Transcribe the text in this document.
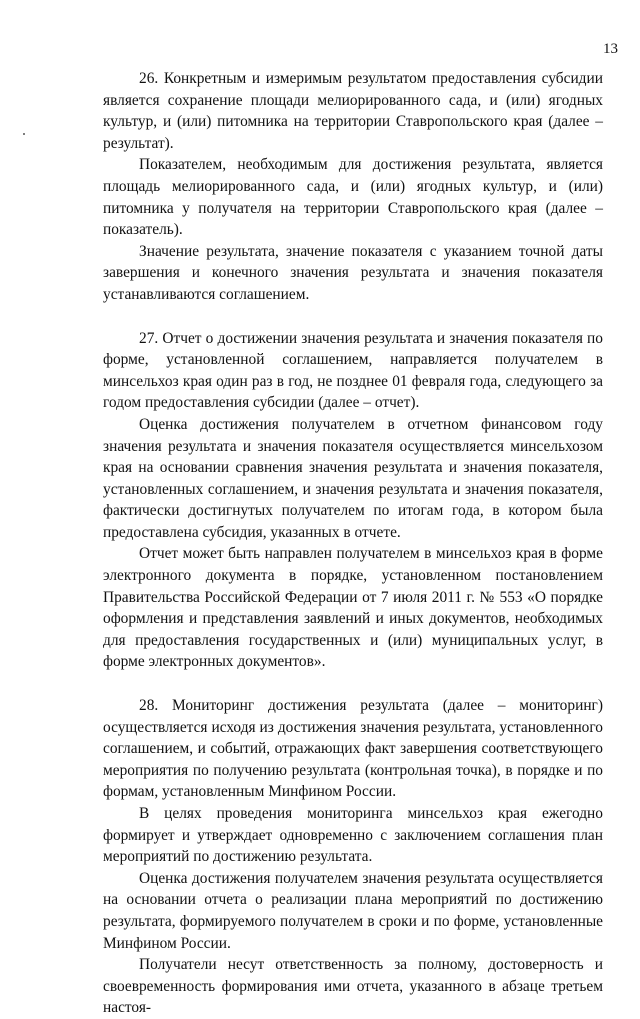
13

26. Конкретным и измеримым результатом предоставления субсидии является сохранение площади мелиорированного сада, и (или) ягодных культур, и (или) питомника на территории Ставропольского края (далее – результат).

Показателем, необходимым для достижения результата, является площадь мелиорированного сада, и (или) ягодных культур, и (или) питомника у получателя на территории Ставропольского края (далее – показатель).

Значение результата, значение показателя с указанием точной даты завершения и конечного значения результата и значения показателя устанавливаются соглашением.

27. Отчет о достижении значения результата и значения показателя по форме, установленной соглашением, направляется получателем в минсельхоз края один раз в год, не позднее 01 февраля года, следующего за годом предоставления субсидии (далее – отчет).

Оценка достижения получателем в отчетном финансовом году значения результата и значения показателя осуществляется минсельхозом края на основании сравнения значения результата и значения показателя, установленных соглашением, и значения результата и значения показателя, фактически достигнутых получателем по итогам года, в котором была предоставлена субсидия, указанных в отчете.

Отчет может быть направлен получателем в минсельхоз края в форме электронного документа в порядке, установленном постановлением Правительства Российской Федерации от 7 июля 2011 г. № 553 «О порядке оформления и представления заявлений и иных документов, необходимых для предоставления государственных и (или) муниципальных услуг, в форме электронных документов».

28. Мониторинг достижения результата (далее – мониторинг) осуществляется исходя из достижения значения результата, установленного соглашением, и событий, отражающих факт завершения соответствующего мероприятия по получению результата (контрольная точка), в порядке и по формам, установленным Минфином России.

В целях проведения мониторинга минсельхоз края ежегодно формирует и утверждает одновременно с заключением соглашения план мероприятий по достижению результата.

Оценка достижения получателем значения результата осуществляется на основании отчета о реализации плана мероприятий по достижению результата, формируемого получателем в сроки и по форме, установленные Минфином России.

Получатели несут ответственность за полному, достоверность и своевременность формирования ими отчета, указанного в абзаце третьем настоя-
